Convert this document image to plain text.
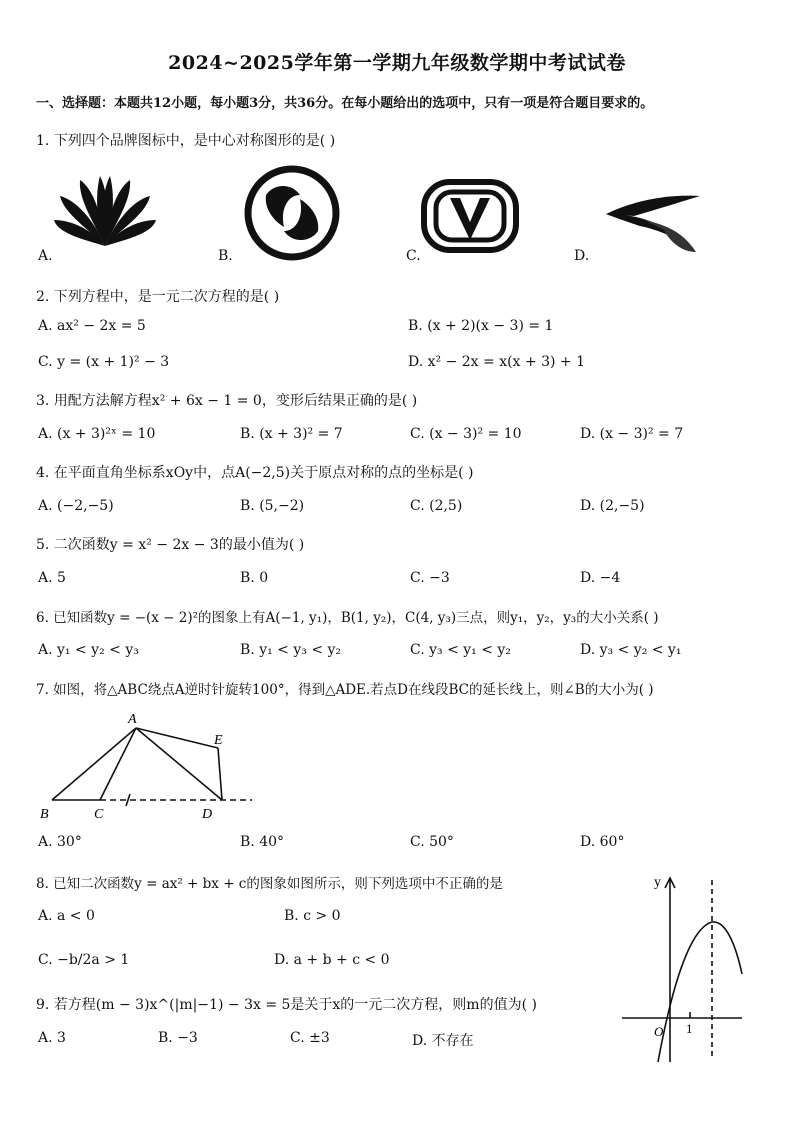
2024~2025学年第一学期九年级数学期中考试试卷
一、选择题：本题共12小题，每小题3分，共36分。在每小题给出的选项中，只有一项是符合题目要求的。
1. 下列四个品牌图标中，是中心对称图形的是( )
A.	B.	C.	D.
2. 下列方程中，是一元二次方程的是( )
A. ax² − 2x = 5	B. (x + 2)(x − 3) = 1
C. y = (x + 1)² − 3	D. x² − 2x = x(x + 3) + 1
3. 用配方法解方程x² + 6x − 1 = 0，变形后结果正确的是( )
A. (x + 3)²ˣ = 10	B. (x + 3)² = 7	C. (x − 3)² = 10	D. (x − 3)² = 7
4. 在平面直角坐标系xOy中，点A(−2,5)关于原点对称的点的坐标是( )
A. (−2,−5)	B. (5,−2)	C. (2,5)	D. (2,−5)
5. 二次函数y = x² − 2x − 3的最小值为( )
A. 5	B. 0	C. −3	D. −4
6. 已知函数y = −(x − 2)²的图象上有A(−1, y₁)，B(1, y₂)，C(4, y₃)三点，则y₁，y₂，y₃的大小关系( )
A. y₁ < y₂ < y₃	B. y₁ < y₃ < y₂	C. y₃ < y₁ < y₂	D. y₃ < y₂ < y₁
7. 如图，将△ABC绕点A逆时针旋转100°，得到△ADE.若点D在线段BC的延长线上，则∠B的大小为( )
A
E
B	C	D
A. 30°	B. 40°	C. 50°	D. 60°
8. 已知二次函数y = ax² + bx + c的图象如图所示，则下列选项中不正确的是
A. a < 0	B. c > 0
C. −b/2a > 1	D. a + b + c < 0
y
O 1
9. 若方程(m − 3)x^(|m|−1) − 3x = 5是关于x的一元二次方程，则m的值为( )
A. 3	B. −3	C. ±3	D. 不存在
